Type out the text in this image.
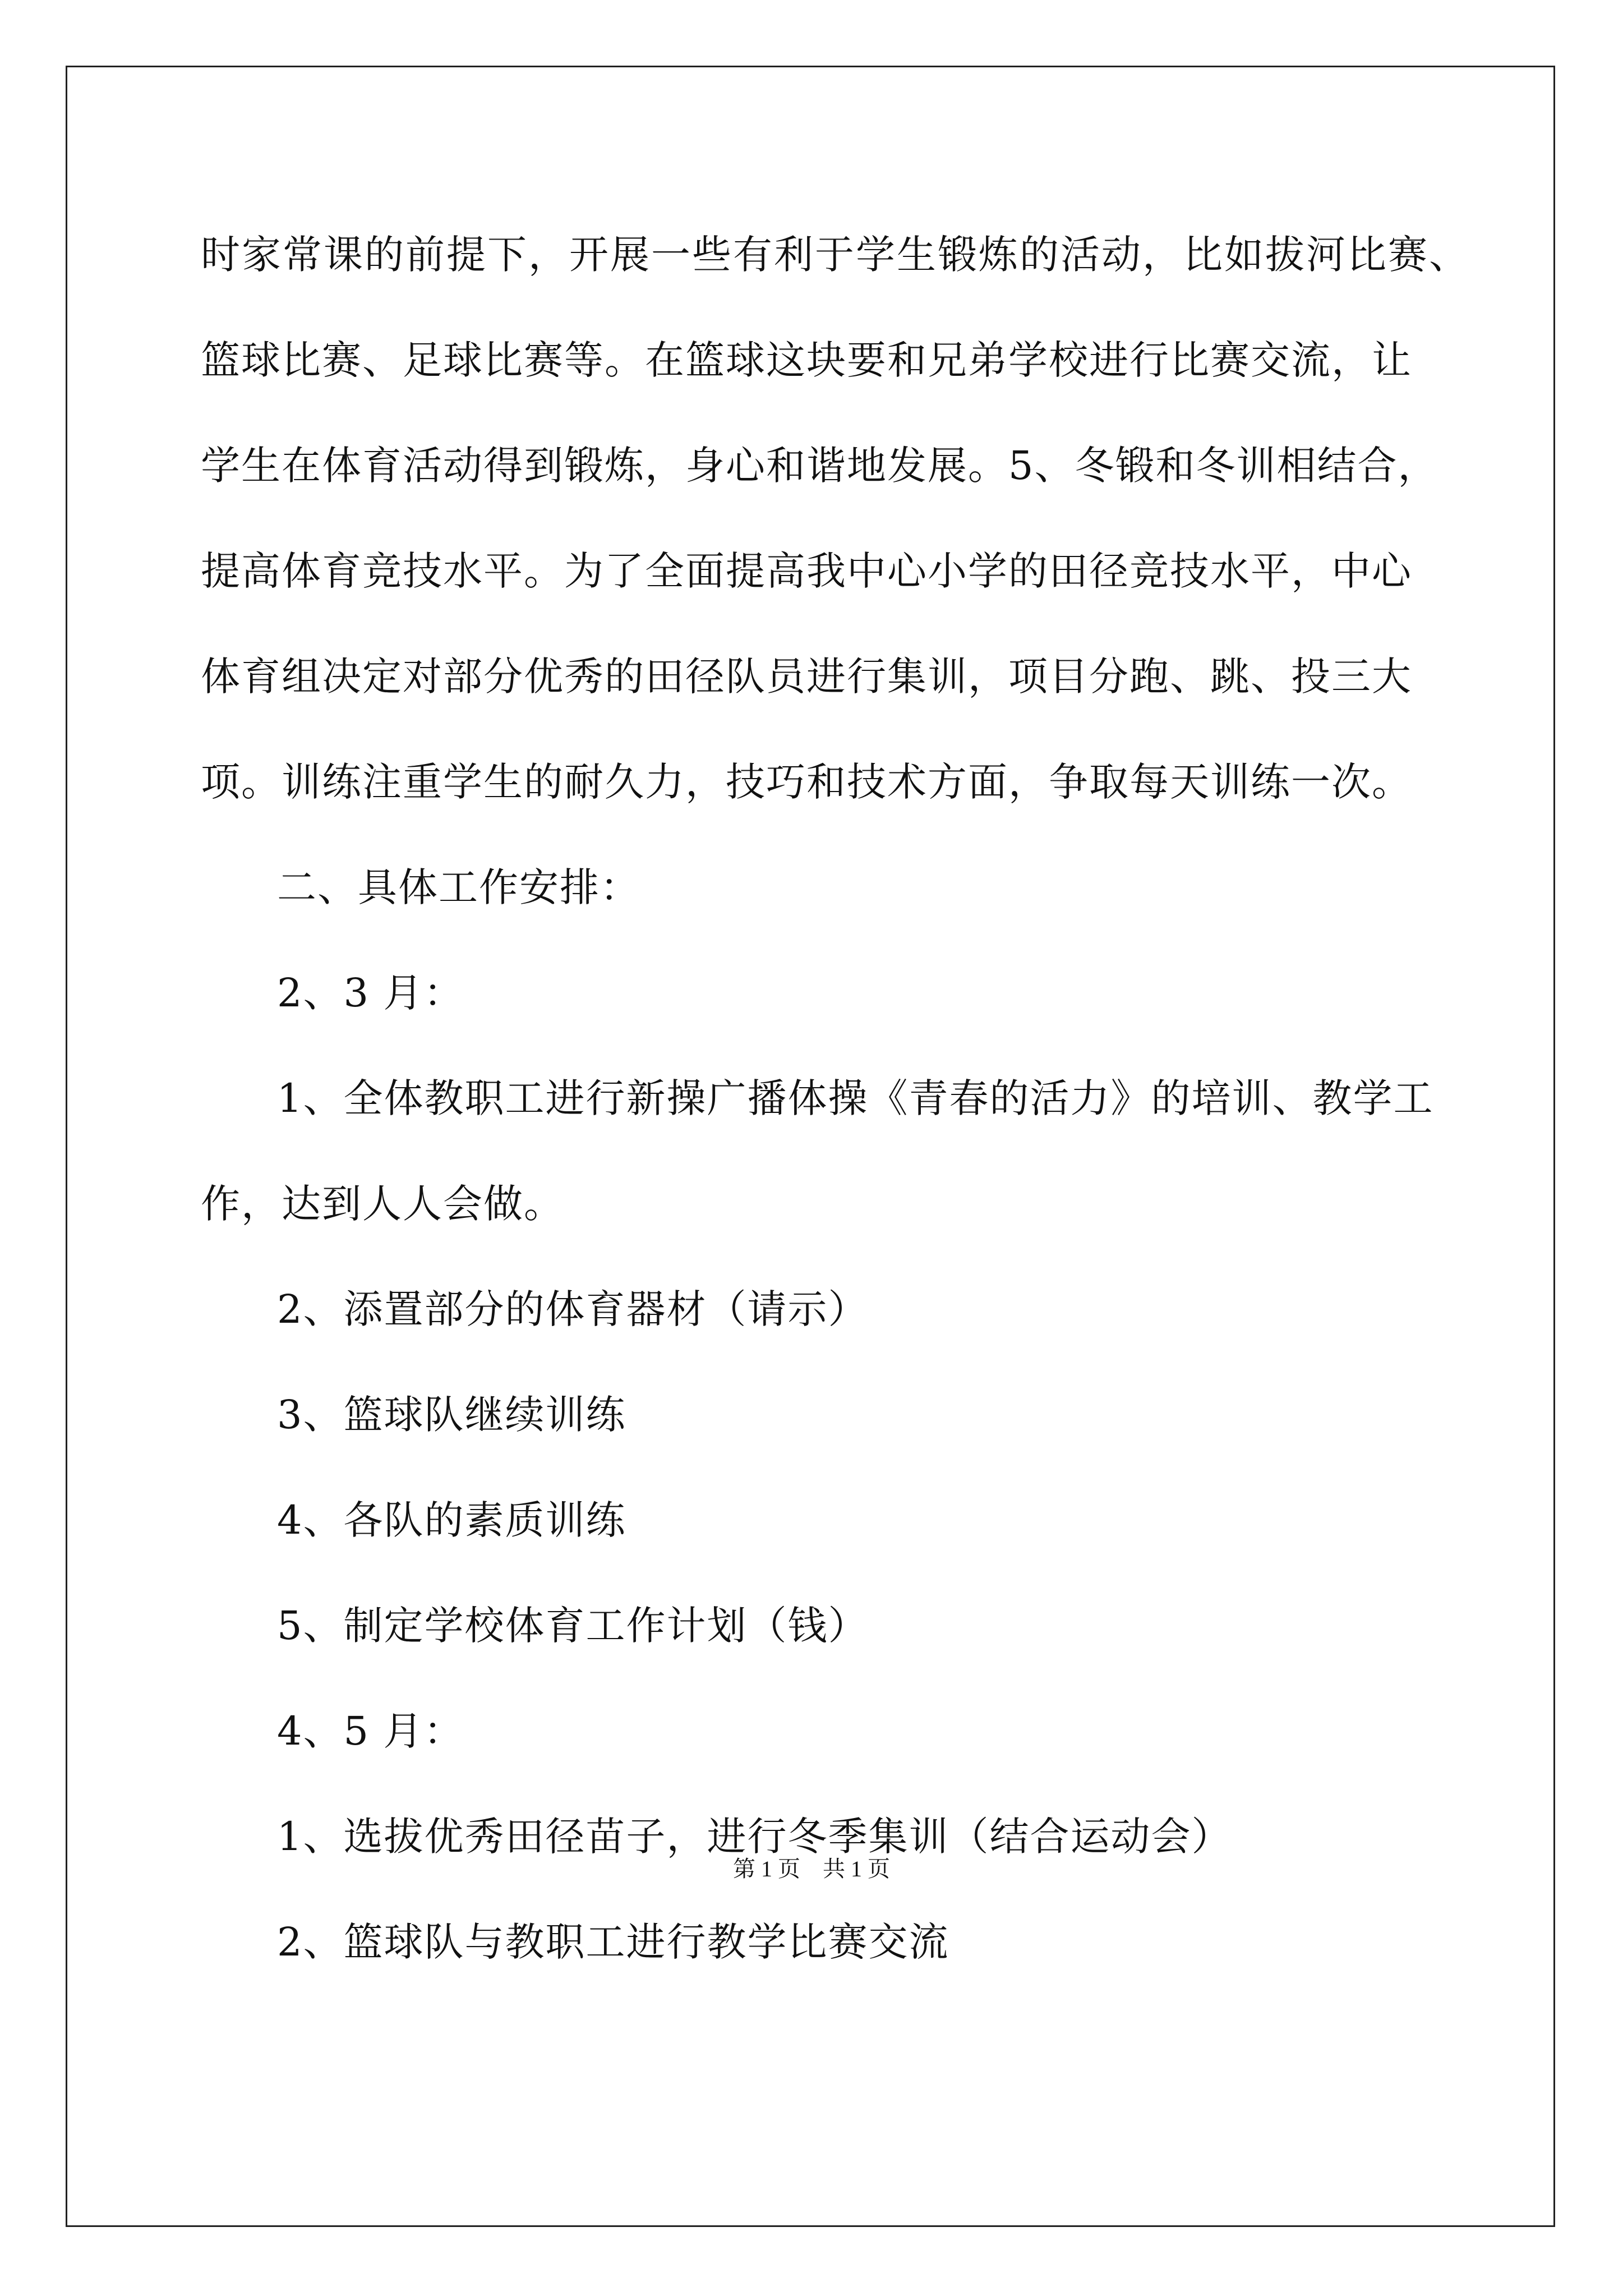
时家常课的前提下，开展一些有利于学生锻炼的活动，比如拔河比赛、
篮球比赛、足球比赛等。在篮球这块要和兄弟学校进行比赛交流，让
学生在体育活动得到锻炼，身心和谐地发展。5、冬锻和冬训相结合，
提高体育竞技水平。为了全面提高我中心小学的田径竞技水平，中心
体育组决定对部分优秀的田径队员进行集训，项目分跑、跳、投三大
项。训练注重学生的耐久力，技巧和技术方面，争取每天训练一次。
二、具体工作安排：
2、3 月：
1、全体教职工进行新操广播体操《青春的活力》的培训、教学工
作，达到人人会做。
2、添置部分的体育器材（请示）
3、篮球队继续训练
4、各队的素质训练
5、制定学校体育工作计划（钱）
4、5 月：
1、选拔优秀田径苗子，进行冬季集训（结合运动会）
2、篮球队与教职工进行教学比赛交流
第 1 页　共 1 页
